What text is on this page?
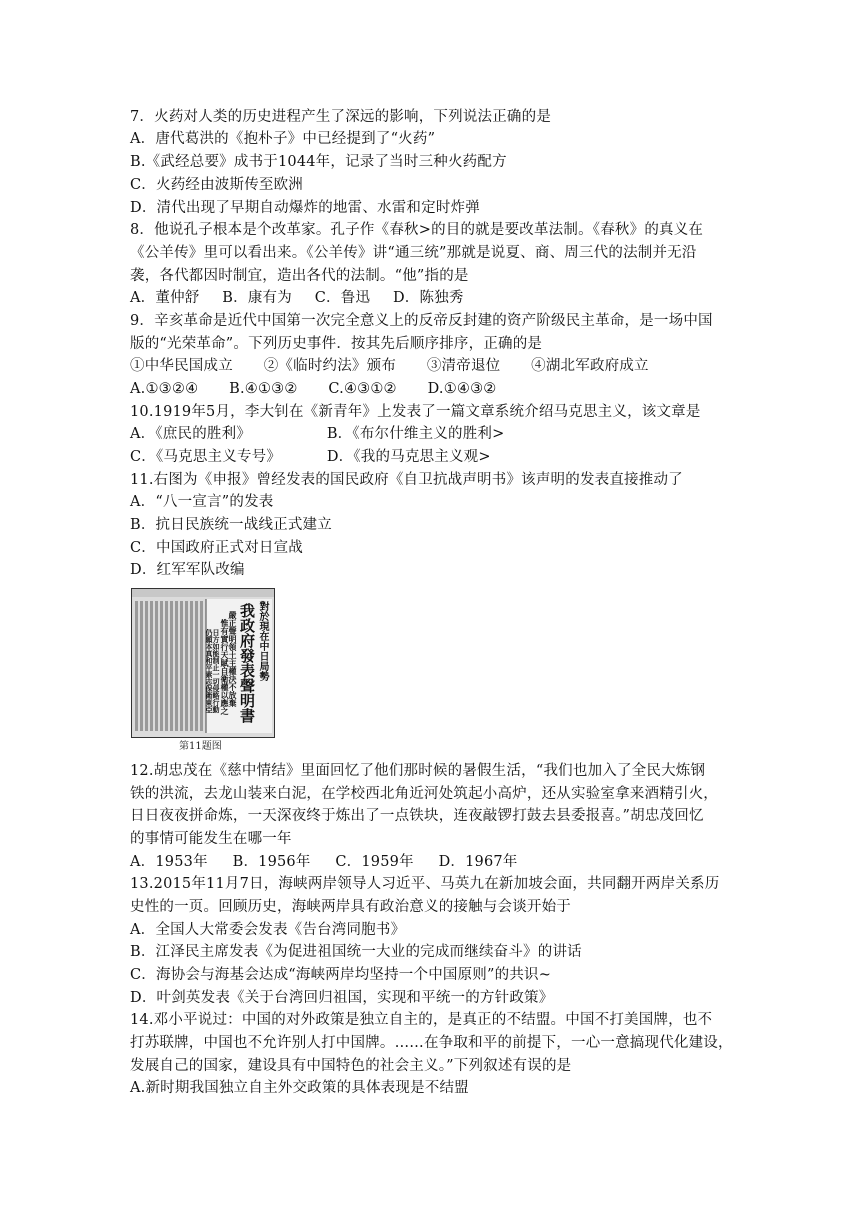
7．火药对人类的历史进程产生了深远的影响，下列说法正确的是
A．唐代葛洪的《抱朴子》中已经提到了“火药”
B.《武经总要》成书于1044年，记录了当时三种火药配方
C．火药经由波斯传至欧洲
D．清代出现了早期自动爆炸的地雷、水雷和定时炸弹
8．他说孔子根本是个改革家。孔子作《春秋>的目的就是要改革法制。《春秋》的真义在
《公羊传》里可以看出来。《公羊传》讲“通三统”那就是说夏、商、周三代的法制并无沿
袭，各代都因时制宜，造出各代的法制。“他”指的是
A．董仲舒 B．康有为 C．鲁迅 D．陈独秀
9．辛亥革命是近代中国第一次完全意义上的反帝反封建的资产阶级民主革命，是一场中国
版的“光荣革命”。下列历史事件．按其先后顺序排序，正确的是
①中华民国成立 ②《临时约法》颁布 ③清帝退位 ④湖北军政府成立
A.①③②④ B.④①③② C.④③①② D.①④③②
10.1919年5月，李大钊在《新青年》上发表了一篇文章系统介绍马克思主义，该文章是
A．《庶民的胜利》	B．《布尔什维主义的胜利>
C．《马克思主义专号》	D．《我的马克思主义观>
11.右图为《申报》曾经发表的国民政府《自卫抗战声明书》该声明的发表直接推动了
A．“八一宣言”的发表
B．抗日民族统一战线正式建立
C．中国政府正式对日宣战
D．红军军队改编
對於現在中日局勢
我政府發表聲明書
嚴正聲明領土主權決不放棄
惟有實行天賦自衛權以應之
日方如能制止一切侵略行動
仍願本真和平素志保衛東亞
第11题图
12.胡忠茂在《慈中情结》里面回忆了他们那时候的暑假生活，“我们也加入了全民大炼钢
铁的洪流，去龙山装来白泥，在学校西北角近河处筑起小高炉，还从实验室拿来酒精引火，
日日夜夜拼命炼，一天深夜终于炼出了一点铁块，连夜敲锣打鼓去县委报喜。”胡忠茂回忆
的事情可能发生在哪一年
A．1953年 B．1956年 C．1959年 D．1967年
13.2015年11月7日，海峡两岸领导人习近平、马英九在新加坡会面，共同翻开两岸关系历
史性的一页。回顾历史，海峡两岸具有政治意义的接触与会谈开始于
A．全国人大常委会发表《告台湾同胞书》
B．江泽民主席发表《为促进祖国统一大业的完成而继续奋斗》的讲话
C．海协会与海基会达成“海峡两岸均坚持一个中国原则”的共识~
D．叶剑英发表《关于台湾回归祖国，实现和平统一的方针政策》
14.邓小平说过：中国的对外政策是独立自主的，是真正的不结盟。中国不打美国牌，也不
打苏联牌，中国也不允许别人打中国牌。……在争取和平的前提下，一心一意搞现代化建设，
发展自己的国家，建设具有中国特色的社会主义。”下列叙述有误的是
A.新时期我国独立自主外交政策的具体表现是不结盟
